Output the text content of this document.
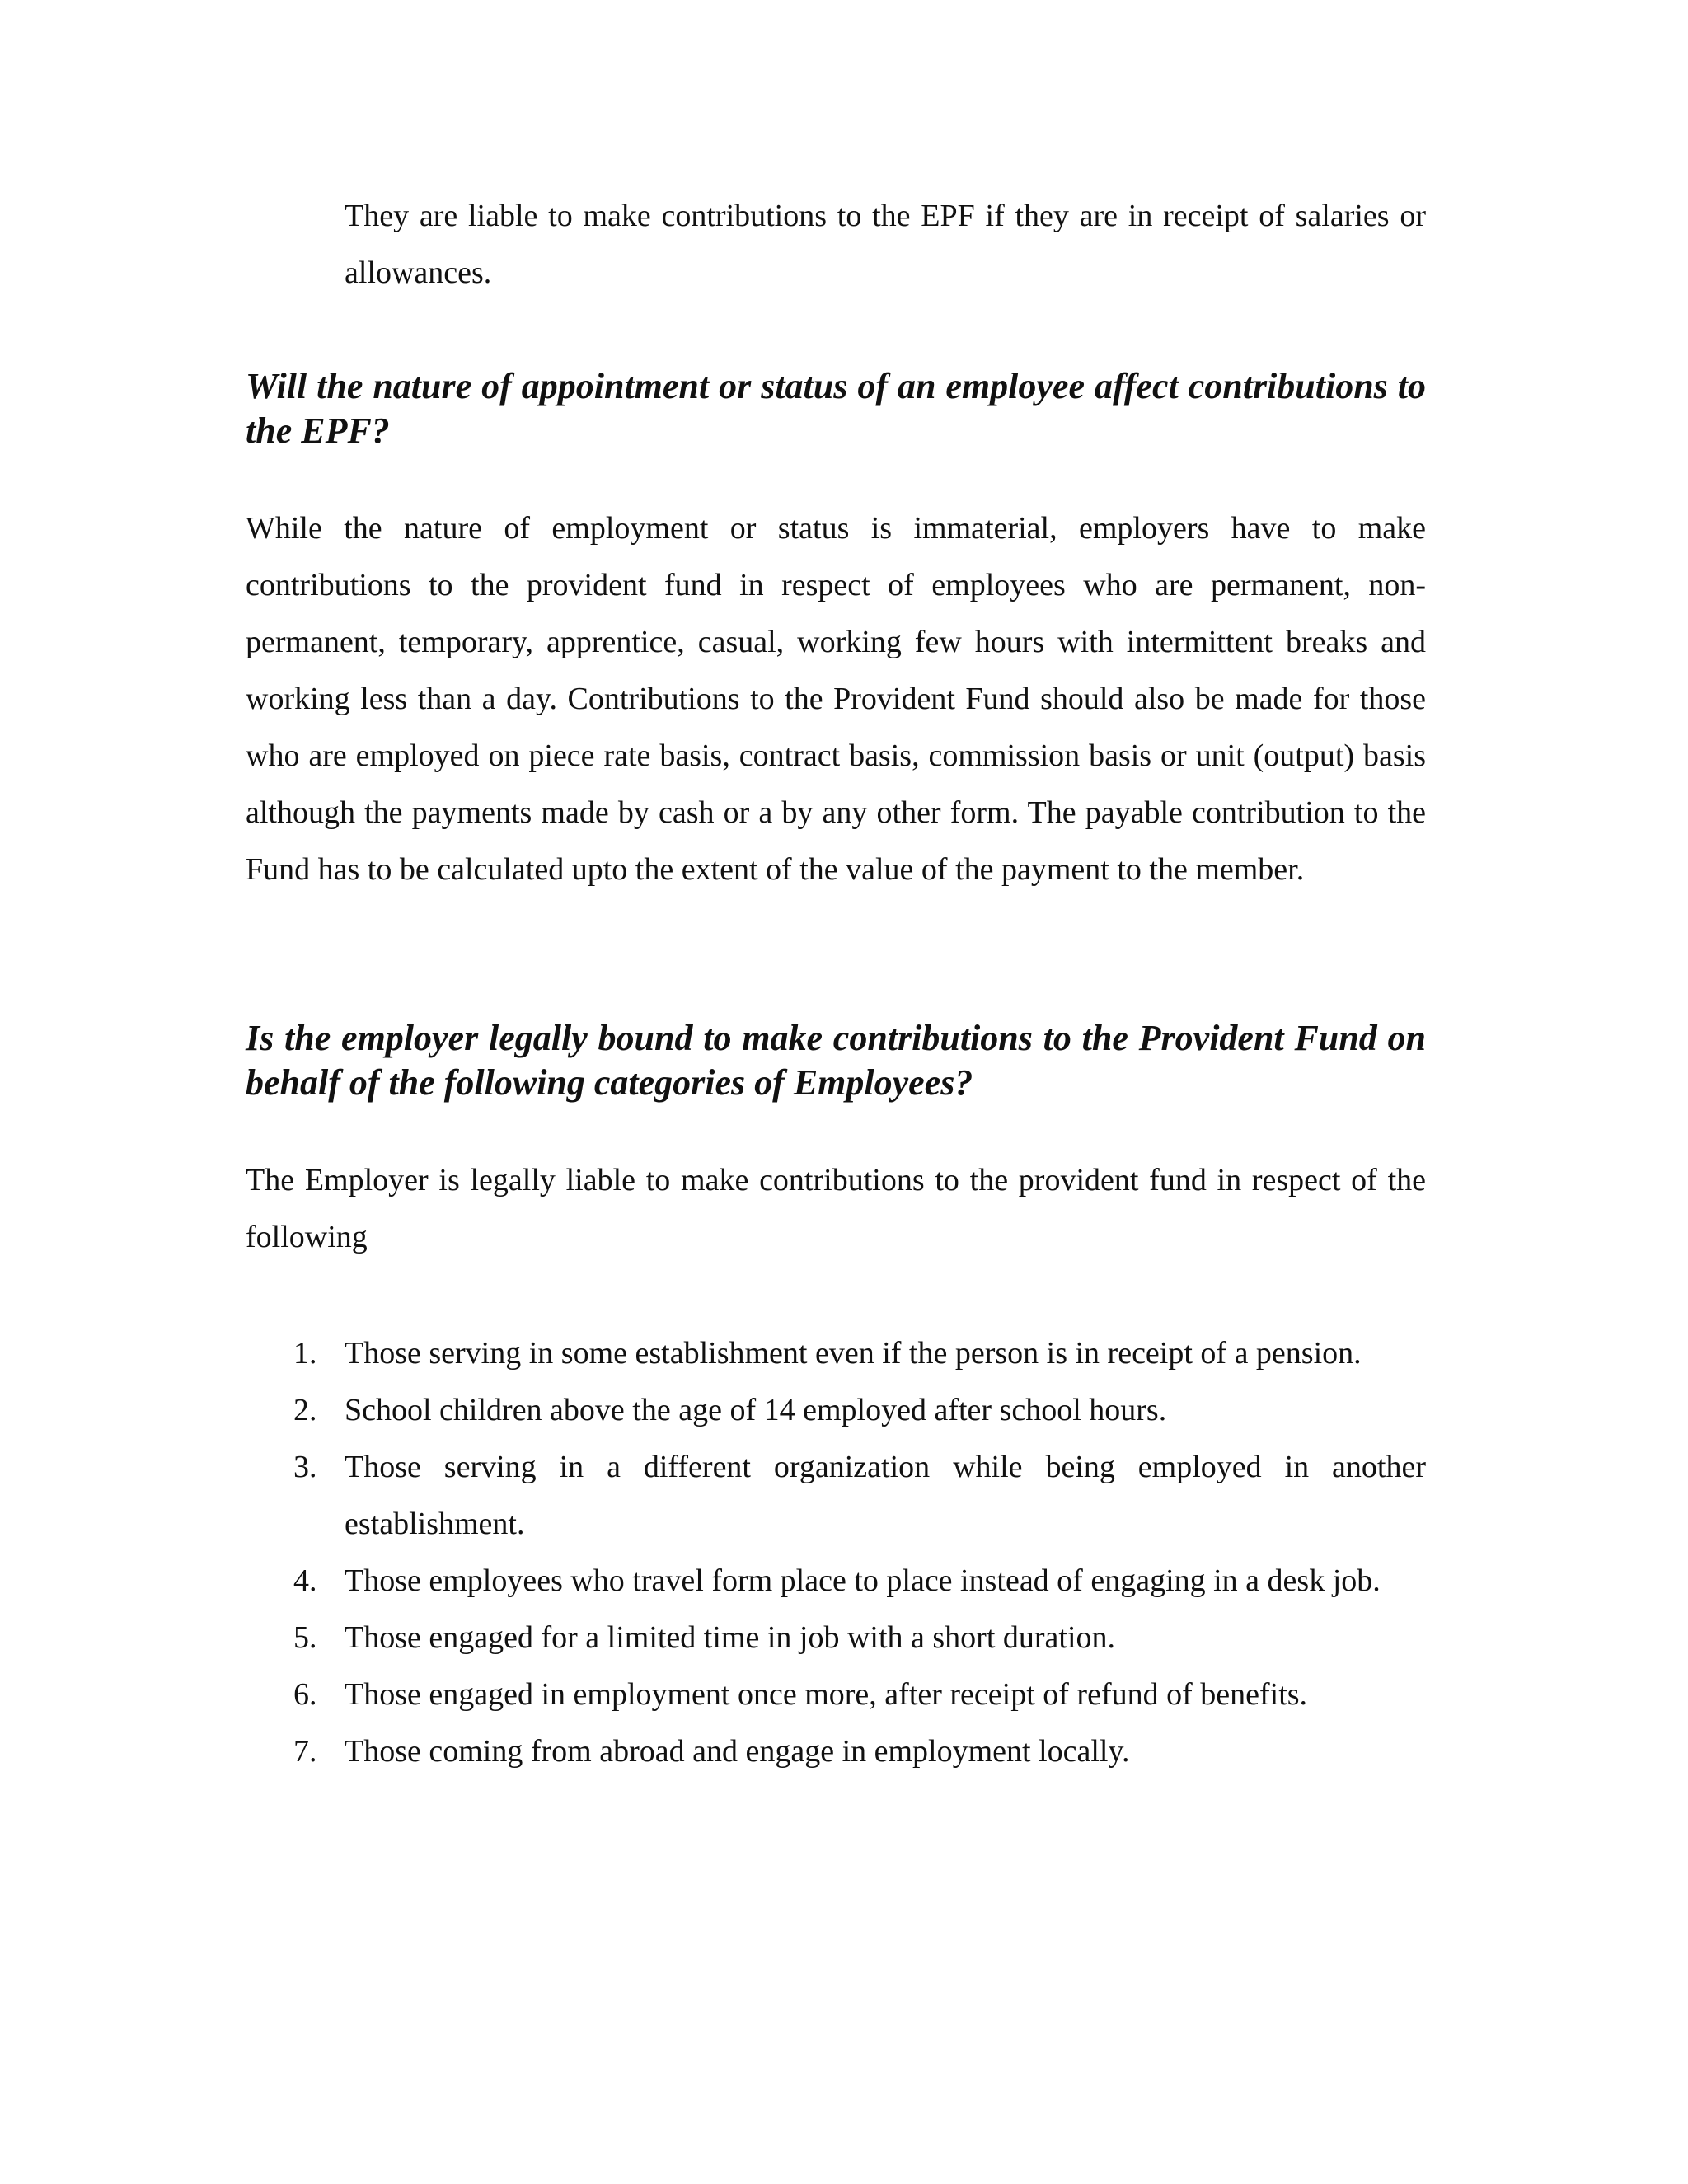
They are liable to make contributions to the EPF if they are in receipt of salaries or allowances.

Will the nature of appointment or status of an employee affect contributions to the EPF?

While the nature of employment or status is immaterial, employers have to make contributions to the provident fund in respect of employees who are permanent, non-permanent, temporary, apprentice, casual, working few hours with intermittent breaks and working less than a day. Contributions to the Provident Fund should also be made for those who are employed on piece rate basis, contract basis, commission basis or unit (output) basis although the payments made by cash or a by any other form. The payable contribution to the Fund has to be calculated upto the extent of the value of the payment to the member.

Is the employer legally bound to make contributions to the Provident Fund on behalf of the following categories of Employees?

The Employer is legally liable to make contributions to the provident fund in respect of the following

1. Those serving in some establishment even if the person is in receipt of a pension.
2. School children above the age of 14 employed after school hours.
3. Those serving in a different organization while being employed in another establishment.
4. Those employees who travel form place to place instead of engaging in a desk job.
5. Those engaged for a limited time in job with a short duration.
6. Those engaged in employment once more, after receipt of refund of benefits.
7. Those coming from abroad and engage in employment locally.
